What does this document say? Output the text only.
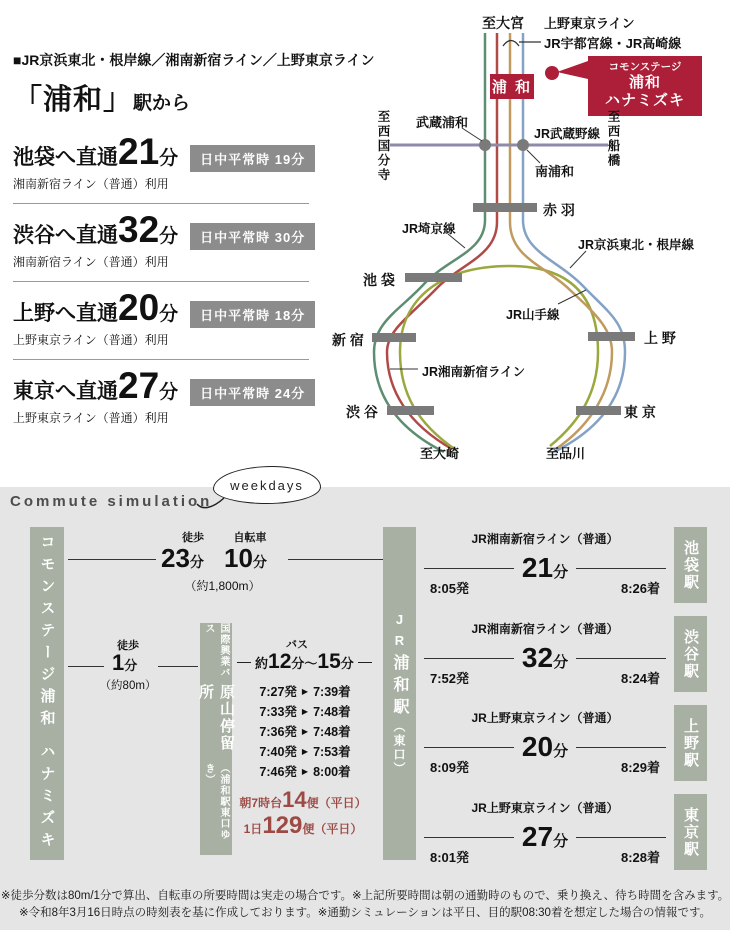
■JR京浜東北・根岸線／湘南新宿ライン／上野東京ライン
「浦和」駅から
池袋へ直通 21 分	日中平常時 19分
湘南新宿ライン（普通）利用
渋谷へ直通 32 分	日中平常時 30分
湘南新宿ライン（普通）利用
上野へ直通 20 分	日中平常時 18分
上野東京ライン（普通）利用
東京へ直通 27 分	日中平常時 24分
上野東京ライン（普通）利用
至大宮 上野東京ライン
JR宇都宮線・JR高崎線
浦 和
コモンステージ
浦和
ハナミズキ
武蔵浦和
JR武蔵野線
南浦和
至西国分寺	至西船橋
赤 羽
JR埼京線
JR京浜東北・根岸線
池 袋
新 宿
渋 谷
上 野
東 京
JR山手線
JR湘南新宿ライン
至大崎	至品川
Commute simulation
weekdays
コモンステージ浦和 ハナミズキ	国際興業バス
原山停留所
（浦和駅東口ゆき）
JR
浦和駅
（東口）
池袋駅
渋谷駅
上野駅
東京駅
徒歩	自転車
23分 10分
（約1,800m）
徒歩
1分
（約80m）
バス
約 12 分～ 15 分
7:27発 ▶ 7:39着
7:33発 ▶ 7:48着
7:36発 ▶ 7:48着
7:40発 ▶ 7:53着
7:46発 ▶ 8:00着
朝7時台14便（平日）
1日129便（平日）
JR湘南新宿ライン（普通）
21分
8:05発	8:26着
JR湘南新宿ライン（普通）
32分
7:52発	8:24着
JR上野東京ライン（普通）
20分
8:09発	8:29着
JR上野東京ライン（普通）
27分
8:01発	8:28着
※徒歩分数は80m/1分で算出、自転車の所要時間は実走の場合です。※上記所要時間は朝の通勤時のもので、乗り換え、待ち時間を含みます。
※令和8年3月16日時点の時刻表を基に作成しております。※通勤シミュレーションは平日、目的駅08:30着を想定した場合の情報です。
